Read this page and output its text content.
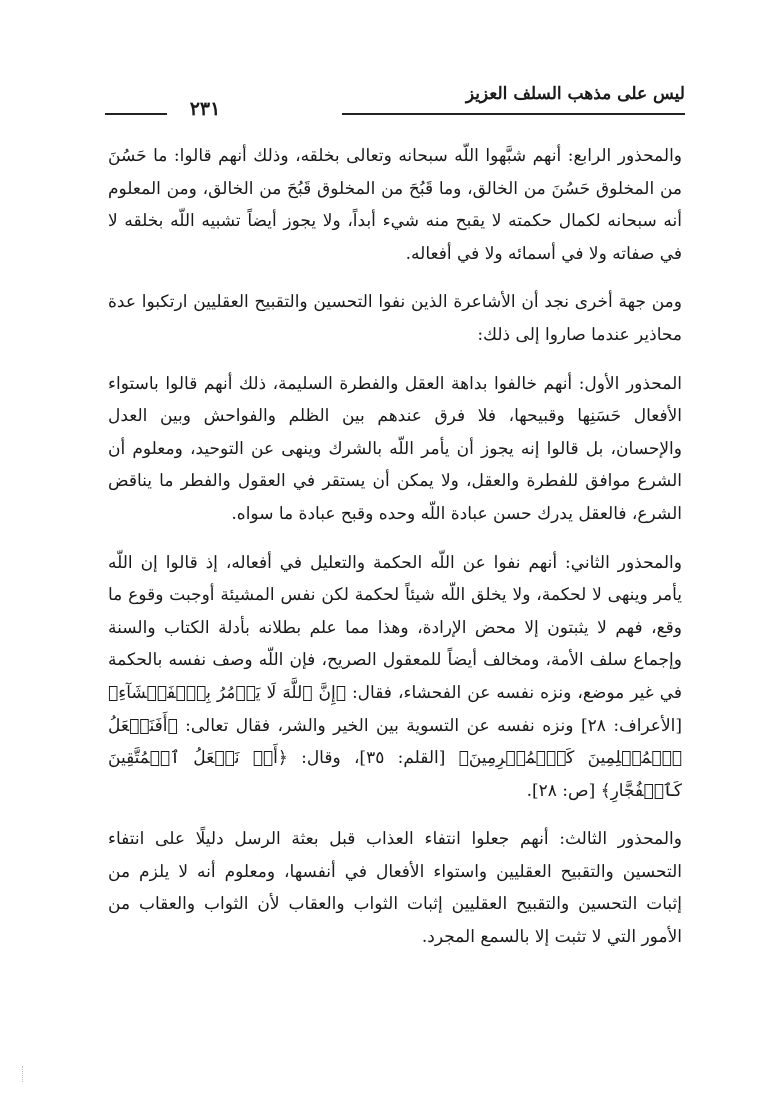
ليس على مذهب السلف العزيز
٢٣١

والمحذور الرابع: أنهم شبَّهوا اللّه سبحانه وتعالى بخلقه، وذلك أنهم قالوا: ما حَسُنَ من المخلوق حَسُنَ من الخالق، وما قَبُحَ من المخلوق قَبُحَ من الخالق، ومن المعلوم أنه سبحانه لكمال حكمته لا يقبح منه شيء أبداً، ولا يجوز أيضاً تشبيه اللّه بخلقه لا في صفاته ولا في أسمائه ولا في أفعاله.

ومن جهة أخرى نجد أن الأشاعرة الذين نفوا التحسين والتقبيح العقليين ارتكبوا عدة محاذير عندما صاروا إلى ذلك:

المحذور الأول: أنهم خالفوا بداهة العقل والفطرة السليمة، ذلك أنهم قالوا باستواء الأفعال حَسَنِها وقبيحها، فلا فرق عندهم بين الظلم والفواحش وبين العدل والإحسان، بل قالوا إنه يجوز أن يأمر اللّه بالشرك وينهى عن التوحيد، ومعلوم أن الشرع موافق للفطرة والعقل، ولا يمكن أن يستقر في العقول والفطر ما يناقض الشرع، فالعقل يدرك حسن عبادة اللّه وحده وقبح عبادة ما سواه.

والمحذور الثاني: أنهم نفوا عن اللّه الحكمة والتعليل في أفعاله، إذ قالوا إن اللّه يأمر وينهى لا لحكمة، ولا يخلق اللّه شيئاً لحكمة لكن نفس المشيئة أوجبت وقوع ما وقع، فهم لا يثبتون إلا محض الإرادة، وهذا مما علم بطلانه بأدلة الكتاب والسنة وإجماع سلف الأمة، ومخالف أيضاً للمعقول الصريح، فإن اللّه وصف نفسه بالحكمة في غير موضع، ونزه نفسه عن الفحشاء، فقال: ﴿إِنَّ ٱللَّهَ لَا يَأۡمُرُ بِٱلۡفَحۡشَآءِ﴾ [الأعراف: ٢٨] ونزه نفسه عن التسوية بين الخير والشر، فقال تعالى: ﴿أَفَنَجۡعَلُ ٱلۡمُسۡلِمِينَ كَٱلۡمُجۡرِمِينَ﴾ [القلم: ٣٥]، وقال: ﴿أَمۡ نَجۡعَلُ ٱلۡمُتَّقِينَ كَٱلۡفُجَّارِ﴾ [ص: ٢٨].

والمحذور الثالث: أنهم جعلوا انتفاء العذاب قبل بعثة الرسل دليلًا على انتفاء التحسين والتقبيح العقليين واستواء الأفعال في أنفسها، ومعلوم أنه لا يلزم من إثبات التحسين والتقبيح العقليين إثبات الثواب والعقاب لأن الثواب والعقاب من الأمور التي لا تثبت إلا بالسمع المجرد.
